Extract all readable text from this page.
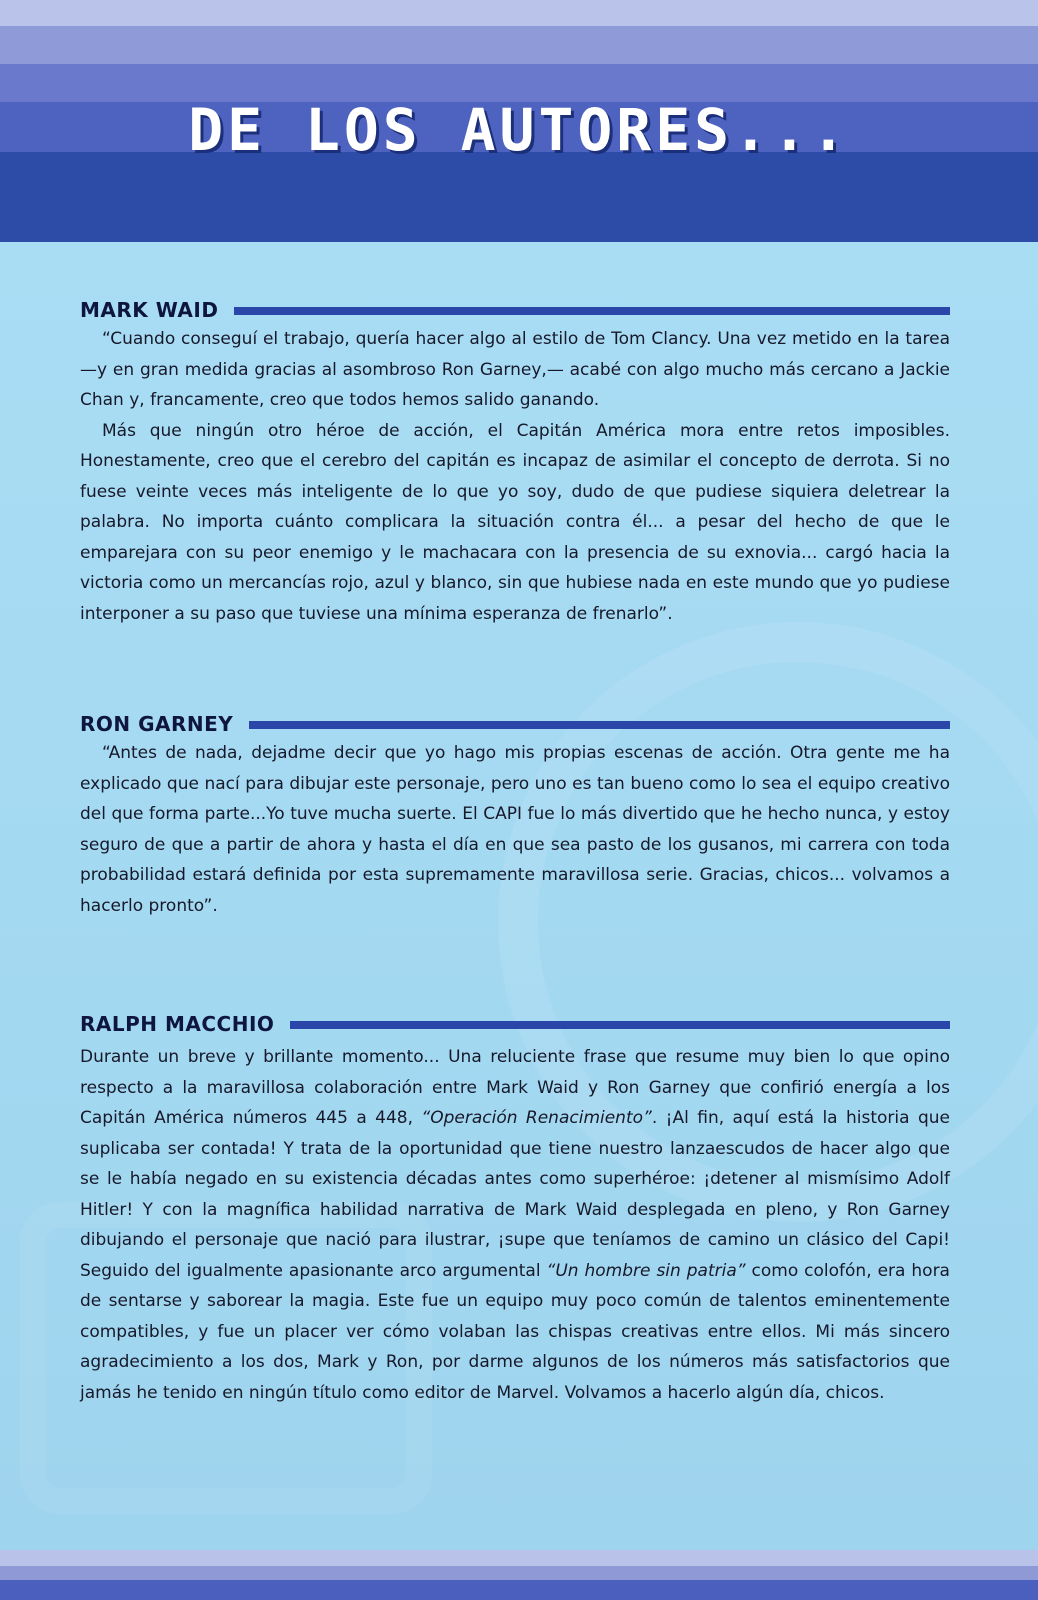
DE LOS AUTORES...
MARK WAID

“Cuando conseguí el trabajo, quería hacer algo al estilo de Tom Clancy. Una vez metido en la tarea —y en gran medida gracias al asombroso Ron Garney,— acabé con algo mucho más cercano a Jackie Chan y, francamente, creo que todos hemos salido ganando.

Más que ningún otro héroe de acción, el Capitán América mora entre retos imposibles. Honestamente, creo que el cerebro del capitán es incapaz de asimilar el concepto de derrota. Si no fuese veinte veces más inteligente de lo que yo soy, dudo de que pudiese siquiera deletrear la palabra. No importa cuánto complicara la situación contra él... a pesar del hecho de que le emparejara con su peor enemigo y le machacara con la presencia de su exnovia... cargó hacia la victoria como un mercancías rojo, azul y blanco, sin que hubiese nada en este mundo que yo pudiese interponer a su paso que tuviese una mínima esperanza de frenarlo”.

RON GARNEY

“Antes de nada, dejadme decir que yo hago mis propias escenas de acción. Otra gente me ha explicado que nací para dibujar este personaje, pero uno es tan bueno como lo sea el equipo creativo del que forma parte...Yo tuve mucha suerte. El CAPI fue lo más divertido que he hecho nunca, y estoy seguro de que a partir de ahora y hasta el día en que sea pasto de los gusanos, mi carrera con toda probabilidad estará definida por esta supremamente maravillosa serie. Gracias, chicos... volvamos a hacerlo pronto”.

RALPH MACCHIO

Durante un breve y brillante momento... Una reluciente frase que resume muy bien lo que opino respecto a la maravillosa colaboración entre Mark Waid y Ron Garney que confirió energía a los Capitán América números 445 a 448, “Operación Renacimiento”. ¡Al fin, aquí está la historia que suplicaba ser contada! Y trata de la oportunidad que tiene nuestro lanzaescudos de hacer algo que se le había negado en su existencia décadas antes como superhéroe: ¡detener al mismísimo Adolf Hitler! Y con la magnífica habilidad narrativa de Mark Waid desplegada en pleno, y Ron Garney dibujando el personaje que nació para ilustrar, ¡supe que teníamos de camino un clásico del Capi! Seguido del igualmente apasionante arco argumental “Un hombre sin patria” como colofón, era hora de sentarse y saborear la magia. Este fue un equipo muy poco común de talentos eminentemente compatibles, y fue un placer ver cómo volaban las chispas creativas entre ellos. Mi más sincero agradecimiento a los dos, Mark y Ron, por darme algunos de los números más satisfactorios que jamás he tenido en ningún título como editor de Marvel. Volvamos a hacerlo algún día, chicos.
